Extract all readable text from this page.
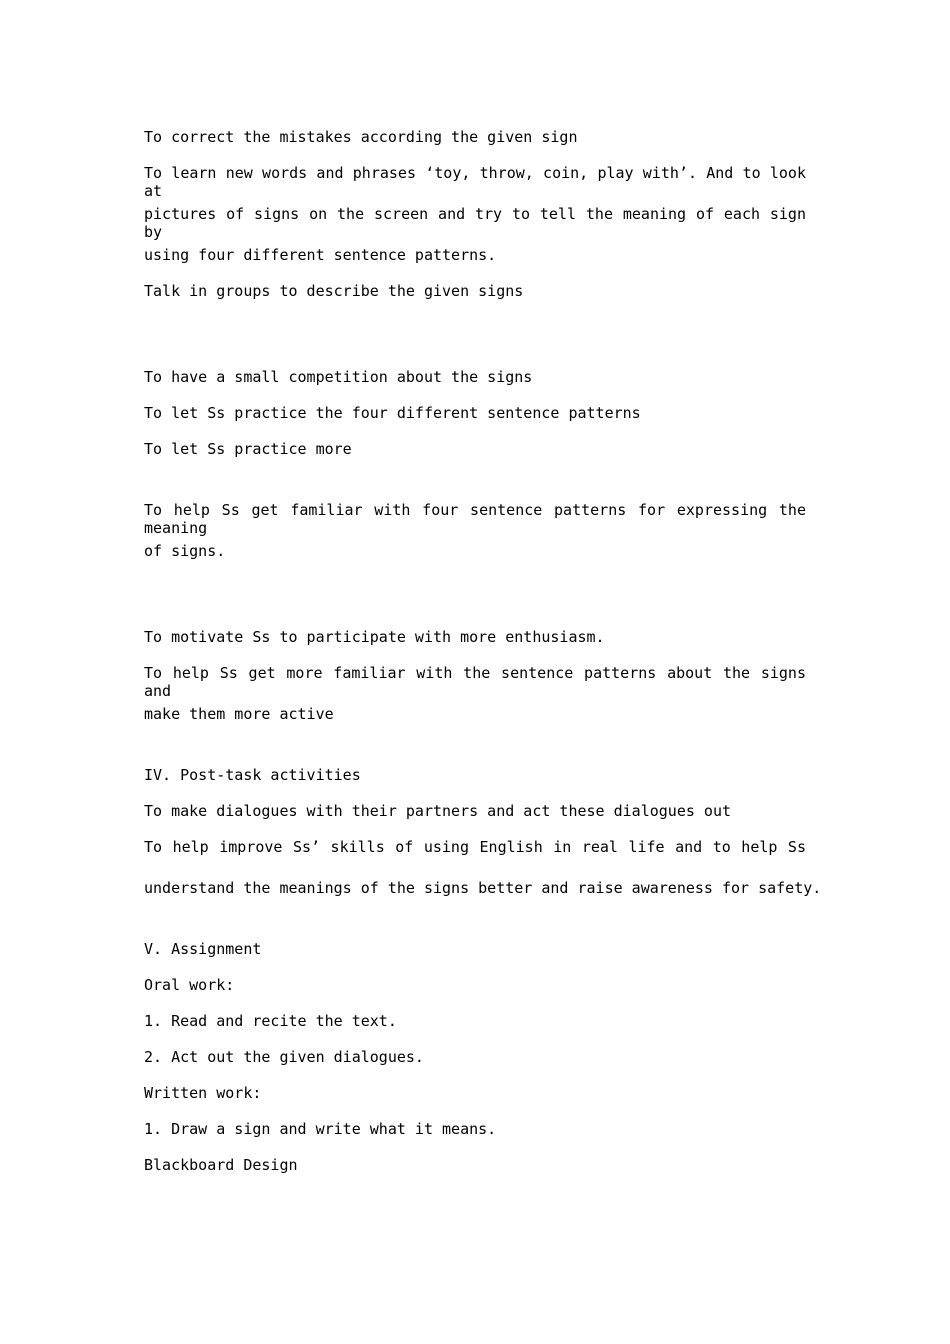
To correct the mistakes according the given sign

To learn new words and phrases ‘toy, throw, coin, play with’. And to look at

pictures of signs on the screen and try to tell the meaning of each sign by

using four different sentence patterns.

Talk in groups to describe the given signs

To have a small competition about the signs

To let Ss practice the four different sentence patterns

To let Ss practice more

To help Ss get familiar with four sentence patterns for expressing the meaning

of signs.

To motivate Ss to participate with more enthusiasm.

To help Ss get more familiar with the sentence patterns about the signs and

make them more active

IV. Post-task activities

To make dialogues with their partners and act these dialogues out

To help improve Ss’ skills of using English in real life and to help Ss

understand the meanings of the signs better and raise awareness for safety.

V. Assignment

Oral work:

1. Read and recite the text.

2. Act out the given dialogues.

Written work:

1. Draw a sign and write what it means.

Blackboard Design
